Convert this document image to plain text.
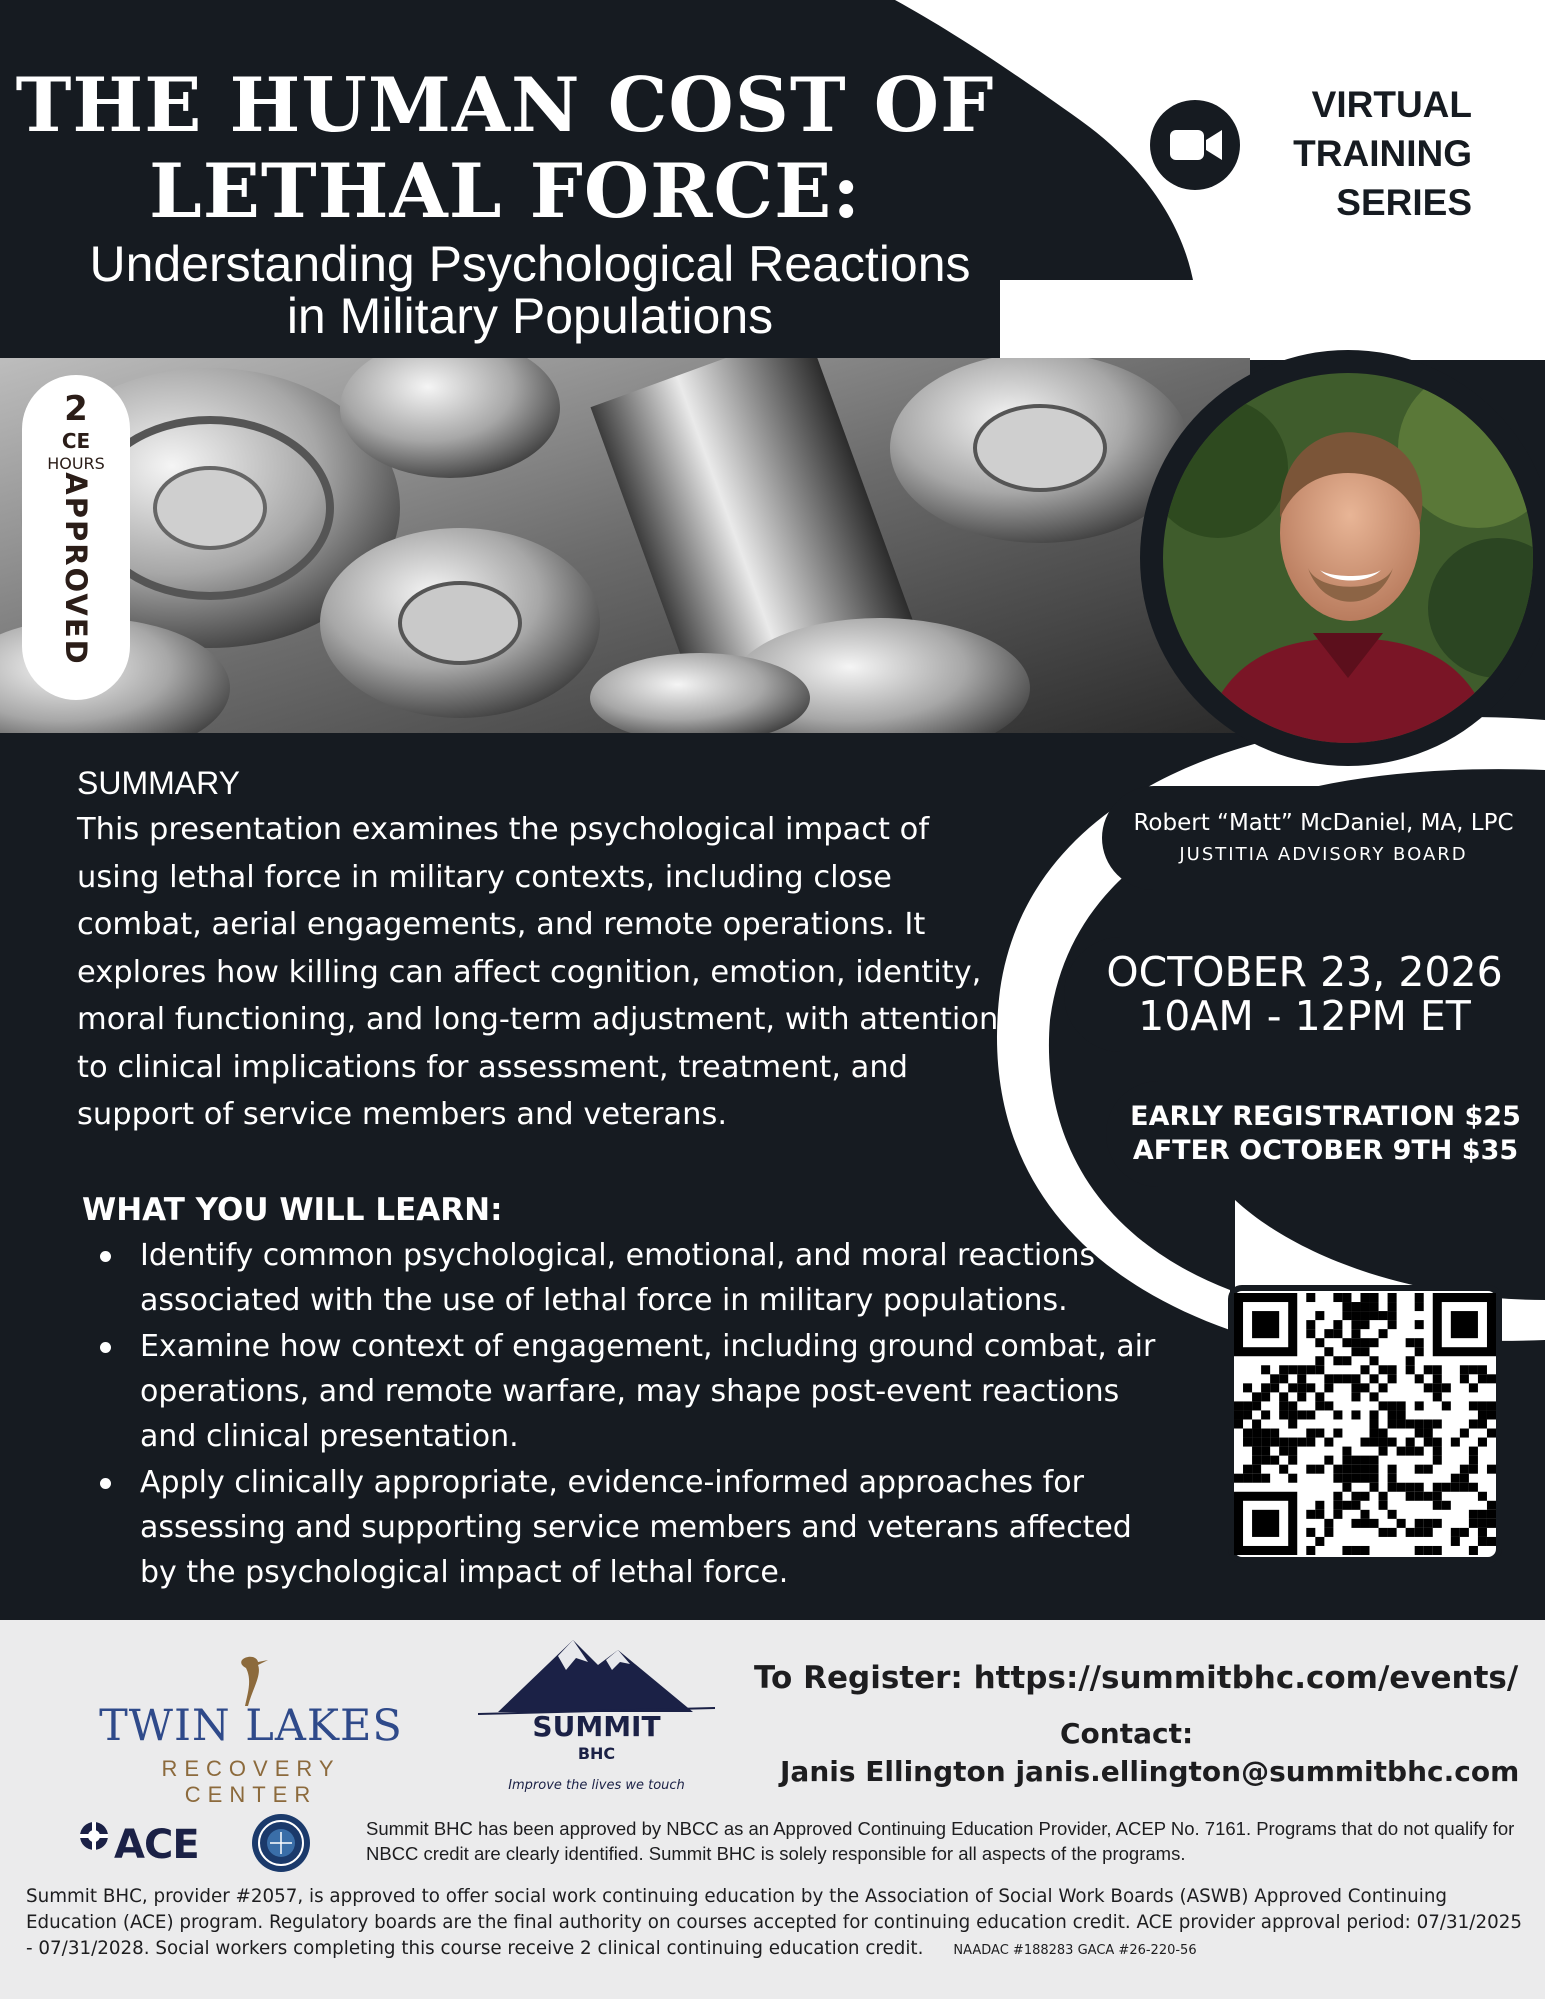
THE HUMAN COST OF
LETHAL FORCE:
Understanding Psychological Reactions
in Military Populations
VIRTUAL
TRAINING
SERIES
2
CE
HOURS
APPROVED
Robert “Matt” McDaniel, MA, LPC
JUSTITIA ADVISORY BOARD
OCTOBER 23, 2026
10AM - 12PM ET
EARLY REGISTRATION $25
AFTER OCTOBER 9TH $35
SUMMARY
This presentation examines the psychological impact of using lethal force in military contexts, including close combat, aerial engagements, and remote operations. It explores how killing can affect cognition, emotion, identity, moral functioning, and long-term adjustment, with attention to clinical implications for assessment, treatment, and support of service members and veterans.
WHAT YOU WILL LEARN:
Identify common psychological, emotional, and moral reactions associated with the use of lethal force in military populations.
Examine how context of engagement, including ground combat, air operations, and remote warfare, may shape post-event reactions and clinical presentation.
Apply clinically appropriate, evidence-informed approaches for assessing and supporting service members and veterans affected by the psychological impact of lethal force.
TWIN LAKES
RECOVERY CENTER
SUMMIT
BHC
Improve the lives we touch
To Register: https://summitbhc.com/events/
Contact:
Janis Ellington janis.ellington@summitbhc.com
ACE	Summit BHC has been approved by NBCC as an Approved Continuing Education Provider, ACEP No. 7161. Programs that do not qualify for NBCC credit are clearly identified. Summit BHC is solely responsible for all aspects of the programs.
Summit BHC, provider #2057, is approved to offer social work continuing education by the Association of Social Work Boards (ASWB) Approved Continuing Education (ACE) program. Regulatory boards are the final authority on courses accepted for continuing education credit. ACE provider approval period: 07/31/2025 - 07/31/2028. Social workers completing this course receive 2 clinical continuing education credit. NAADAC #188283 GACA #26-220-56
